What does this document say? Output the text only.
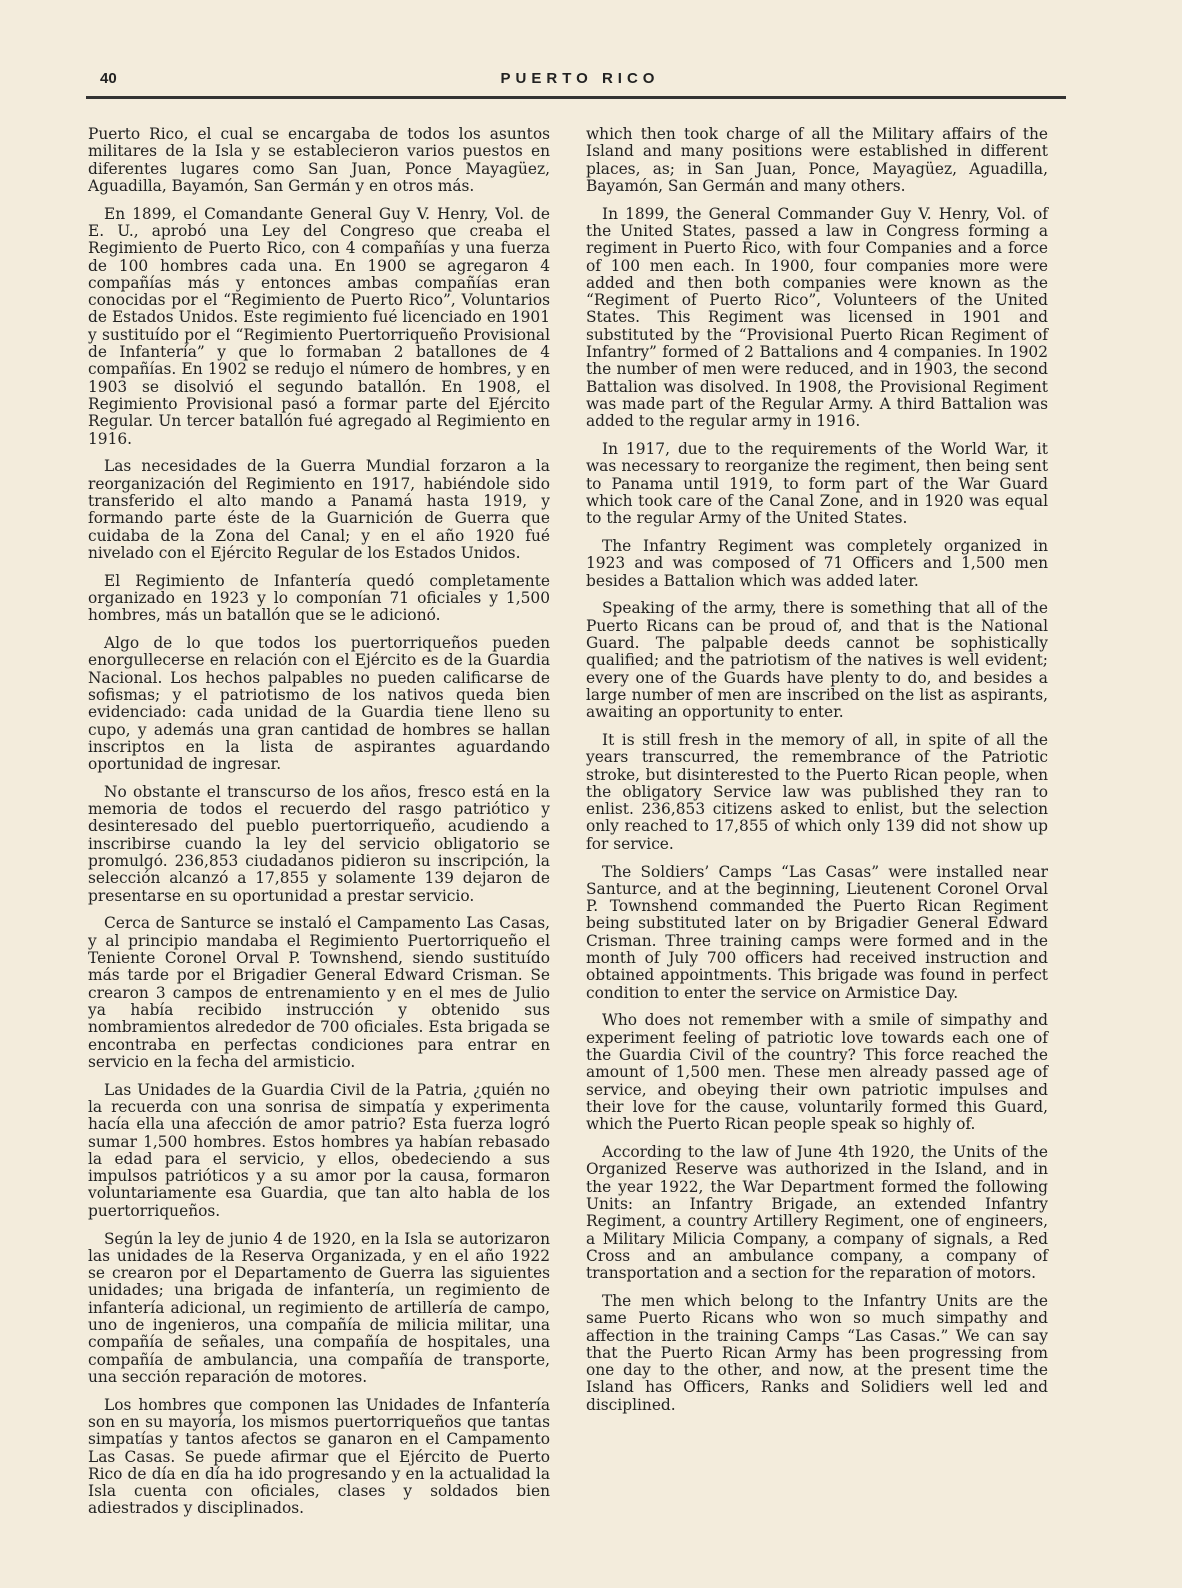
40	PUERTO RICO

Puerto Rico, el cual se encargaba de todos los asuntos militares de la Isla y se establecieron varios puestos en diferentes lugares como San Juan, Ponce Mayagüez, Aguadilla, Bayamón, San Germán y en otros más.

En 1899, el Comandante General Guy V. Henry, Vol. de E. U., aprobó una Ley del Congreso que creaba el Regimiento de Puerto Rico, con 4 compañías y una fuerza de 100 hombres cada una. En 1900 se agregaron 4 compañías más y entonces ambas compañías eran conocidas por el “Regimiento de Puerto Rico”, Voluntarios de Estados Unidos. Este regimiento fué licenciado en 1901 y sustituído por el “Regimiento Puertorriqueño Provisional de Infantería” y que lo formaban 2 batallones de 4 compañías. En 1902 se redujo el número de hombres, y en 1903 se disolvió el segundo batallón. En 1908, el Regimiento Provisional pasó a formar parte del Ejército Regular. Un tercer batallón fué agregado al Regimiento en 1916.

Las necesidades de la Guerra Mundial forzaron a la reorganización del Regimiento en 1917, habiéndole sido transferido el alto mando a Panamá hasta 1919, y formando parte éste de la Guarnición de Guerra que cuidaba de la Zona del Canal; y en el año 1920 fué nivelado con el Ejército Regular de los Estados Unidos.

El Regimiento de Infantería quedó completamente organizado en 1923 y lo componían 71 oficiales y 1,500 hombres, más un batallón que se le adicionó.

Algo de lo que todos los puertorriqueños pueden enorgullecerse en relación con el Ejército es de la Guardia Nacional. Los hechos palpables no pueden calificarse de sofismas; y el patriotismo de los nativos queda bien evidenciado: cada unidad de la Guardia tiene lleno su cupo, y además una gran cantidad de hombres se hallan inscriptos en la lista de aspirantes aguardando oportunidad de ingresar.

No obstante el transcurso de los años, fresco está en la memoria de todos el recuerdo del rasgo patriótico y desinteresado del pueblo puertorriqueño, acudiendo a inscribirse cuando la ley del servicio obligatorio se promulgó. 236,853 ciudadanos pidieron su inscripción, la selección alcanzó a 17,855 y solamente 139 dejaron de presentarse en su oportunidad a prestar servicio.

Cerca de Santurce se instaló el Campamento Las Casas, y al principio mandaba el Regimiento Puertorriqueño el Teniente Coronel Orval P. Townshend, siendo sustituído más tarde por el Brigadier General Edward Crisman. Se crearon 3 campos de entrenamiento y en el mes de Julio ya había recibido instrucción y obtenido sus nombramientos alrededor de 700 oficiales. Esta brigada se encontraba en perfectas condiciones para entrar en servicio en la fecha del armisticio.

Las Unidades de la Guardia Civil de la Patria, ¿quién no la recuerda con una sonrisa de simpatía y experimenta hacía ella una afección de amor patrio? Esta fuerza logró sumar 1,500 hombres. Estos hombres ya habían rebasado la edad para el servicio, y ellos, obedeciendo a sus impulsos patrióticos y a su amor por la causa, formaron voluntariamente esa Guardia, que tan alto habla de los puertorriqueños.

Según la ley de junio 4 de 1920, en la Isla se autorizaron las unidades de la Reserva Organizada, y en el año 1922 se crearon por el Departamento de Guerra las siguientes unidades; una brigada de infantería, un regimiento de infantería adicional, un regimiento de artillería de campo, uno de ingenieros, una compañía de milicia militar, una compañía de señales, una compañía de hospitales, una compañía de ambulancia, una compañía de transporte, una sección reparación de motores.

Los hombres que componen las Unidades de Infantería son en su mayoría, los mismos puertorriqueños que tantas simpatías y tantos afectos se ganaron en el Campamento Las Casas. Se puede afirmar que el Ejército de Puerto Rico de día en día ha ido progresando y en la actualidad la Isla cuenta con oficiales, clases y soldados bien adiestrados y disciplinados.

which then took charge of all the Military affairs of the Island and many positions were established in different places, as; in San Juan, Ponce, Mayagüez, Aguadilla, Bayamón, San Germán and many others.

In 1899, the General Commander Guy V. Henry, Vol. of the United States, passed a law in Congress forming a regiment in Puerto Rico, with four Companies and a force of 100 men each. In 1900, four companies more were added and then both companies were known as the “Regiment of Puerto Rico”, Volunteers of the United States. This Regiment was licensed in 1901 and substituted by the “Provisional Puerto Rican Regiment of Infantry” formed of 2 Battalions and 4 companies. In 1902 the number of men were reduced, and in 1903, the second Battalion was disolved. In 1908, the Provisional Regiment was made part of the Regular Army. A third Battalion was added to the regular army in 1916.

In 1917, due to the requirements of the World War, it was necessary to reorganize the regiment, then being sent to Panama until 1919, to form part of the War Guard which took care of the Canal Zone, and in 1920 was equal to the regular Army of the United States.

The Infantry Regiment was completely organized in 1923 and was composed of 71 Officers and 1,500 men besides a Battalion which was added later.

Speaking of the army, there is something that all of the Puerto Ricans can be proud of, and that is the National Guard. The palpable deeds cannot be sophistically qualified; and the patriotism of the natives is well evident; every one of the Guards have plenty to do, and besides a large number of men are inscribed on the list as aspirants, awaiting an opportunity to enter.

It is still fresh in the memory of all, in spite of all the years transcurred, the remembrance of the Patriotic stroke, but disinterested to the Puerto Rican people, when the obligatory Service law was published they ran to enlist. 236,853 citizens asked to enlist, but the selection only reached to 17,855 of which only 139 did not show up for service.

The Soldiers’ Camps “Las Casas” were installed near Santurce, and at the beginning, Lieutenent Coronel Orval P. Townshend commanded the Puerto Rican Regiment being substituted later on by Brigadier General Edward Crisman. Three training camps were formed and in the month of July 700 officers had received instruction and obtained appointments. This brigade was found in perfect condition to enter the service on Armistice Day.

Who does not remember with a smile of simpathy and experiment feeling of patriotic love towards each one of the Guardia Civil of the country? This force reached the amount of 1,500 men. These men already passed age of service, and obeying their own patriotic impulses and their love for the cause, voluntarily formed this Guard, which the Puerto Rican people speak so highly of.

According to the law of June 4th 1920, the Units of the Organized Reserve was authorized in the Island, and in the year 1922, the War Department formed the following Units: an Infantry Brigade, an extended Infantry Regiment, a country Artillery Regiment, one of engineers, a Military Milicia Company, a company of signals, a Red Cross and an ambulance company, a company of transportation and a section for the reparation of motors.

The men which belong to the Infantry Units are the same Puerto Ricans who won so much simpathy and affection in the training Camps “Las Casas.” We can say that the Puerto Rican Army has been progressing from one day to the other, and now, at the present time the Island has Officers, Ranks and Solidiers well led and disciplined.
